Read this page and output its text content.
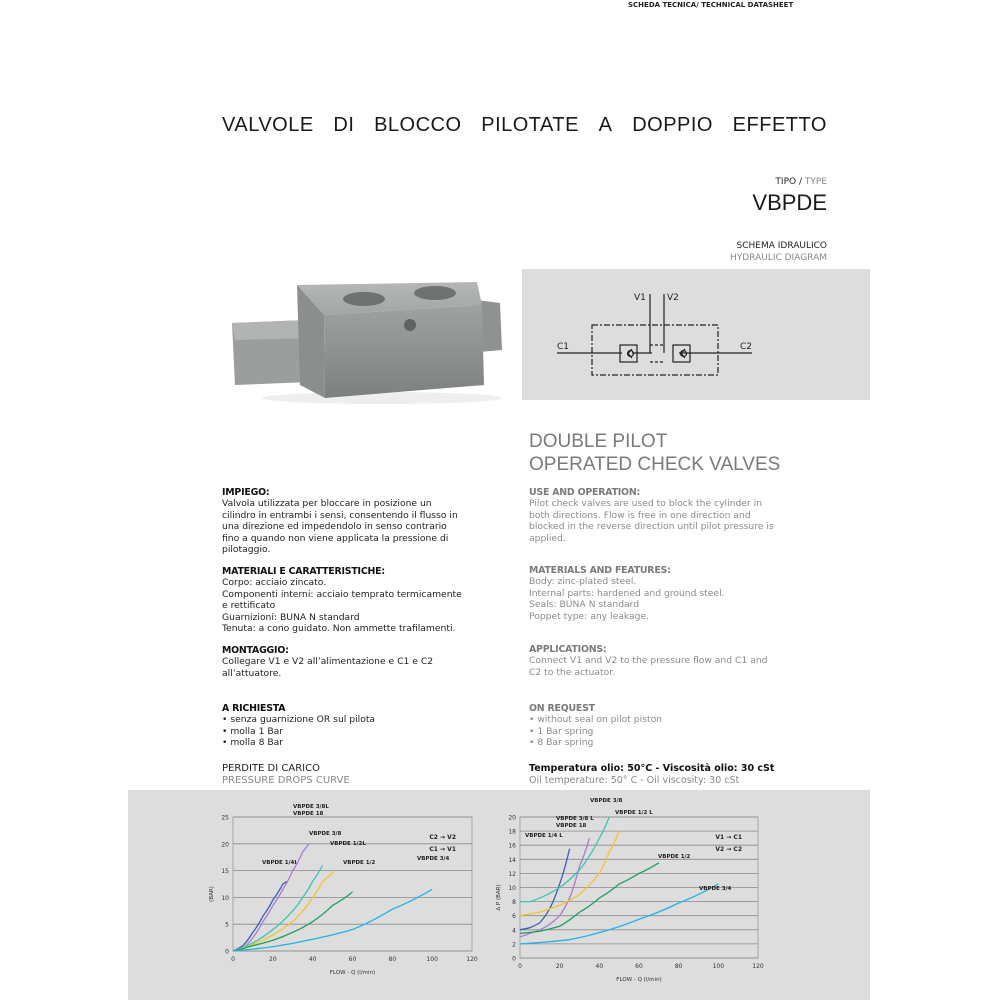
SCHEDA TECNICA/ TECHNICAL DATASHEET
VALVOLE DI BLOCCO PILOTATE A DOPPIO EFFETTO
TIPO / TYPE
VBPDE
SCHEMA IDRAULICO
HYDRAULIC DIAGRAM
V1 V2
C1	C2
DOUBLE PILOT
OPERATED CHECK VALVES
IMPIEGO:
Valvola utilizzata per bloccare in posizione un
cilindro in entrambi i sensi, consentendo il flusso in
una direzione ed impedendolo in senso contrario
fino a quando non viene applicata la pressione di
pilotaggio.
MATERIALI E CARATTERISTICHE:
Corpo: acciaio zincato.
Componenti interni: acciaio temprato termicamente
e rettificato
Guarnizioni: BUNA N standard
Tenuta: a cono guidato. Non ammette trafilamenti.
MONTAGGIO:
Collegare V1 e V2 all’alimentazione e C1 e C2
all’attuatore.
A RICHIESTA
• senza guarnizione OR sul pilota
• molla 1 Bar
• molla 8 Bar
PERDITE DI CARICO
PRESSURE DROPS CURVE
USE AND OPERATION:
Pilot check valves are used to block the cylinder in
both directions. Flow is free in one direction and
blocked in the reverse direction until pilot pressure is
applied.
MATERIALS AND FEATURES:
Body: zinc-plated steel.
Internal parts: hardened and ground steel.
Seals: BUNA N standard
Poppet type: any leakage.
APPLICATIONS:
Connect V1 and V2 to the pressure flow and C1 and
C2 to the actuator.
ON REQUEST
• without seal on pilot piston
• 1 Bar spring
• 8 Bar spring
Temperatura olio: 50°C - Viscosità olio: 30 cSt
Oil temperature: 50° C - Oil viscosity: 30 cSt
0
5
10
15
20
25
0	20	40	60	80	100	120
FLOW - Q (l/min)
(BAR)
C2 → V2
C1 → V1
VBPDE 1/4L
VBPDE 3/8L VBPDE 18
VBPDE 3/8
VBPDE 1/2L
VBPDE 1/2
VBPDE 3/4
0
2
4
6
8
10
12
14
16
18
20
0	20	40	60	80	100	120
FLOW - Q (l/min)
Δ P (BAR)
V1 → C1
V2 → C2
VBPDE 1/4 L
VBPDE 3/8 L VBPDE 18
VBPDE 3/8
VBPDE 1/2 L
VBPDE 1/2
VBPDE 3/4
